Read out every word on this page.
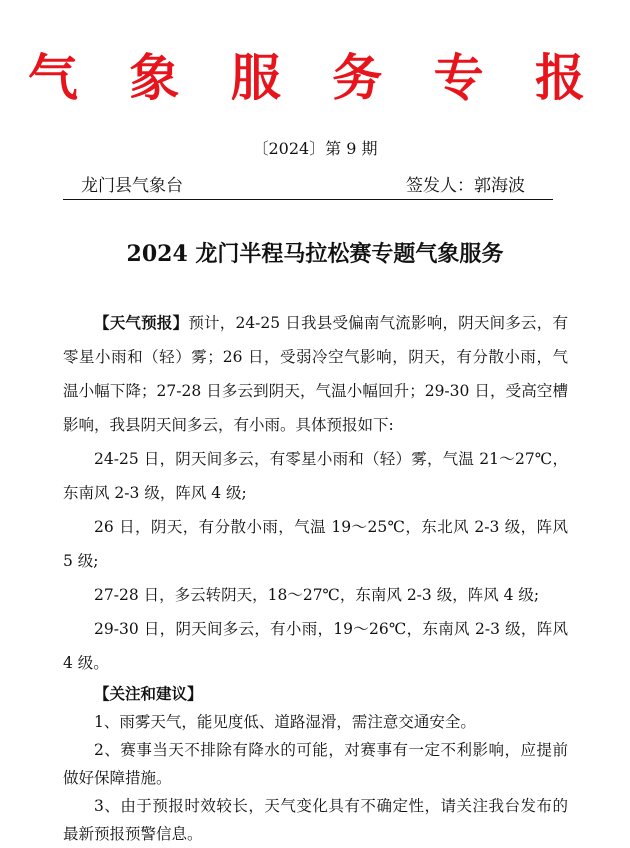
气 象 服 务 专 报
〔2024〕第 9 期
龙门县气象台	签发人：郭海波
2024 龙门半程马拉松赛专题气象服务

【天气预报】预计，24-25 日我县受偏南气流影响，阴天间多云，有零星小雨和（轻）雾；26 日，受弱冷空气影响，阴天，有分散小雨，气温小幅下降；27-28 日多云到阴天，气温小幅回升；29-30 日，受高空槽影响，我县阴天间多云，有小雨。具体预报如下:

24-25 日，阴天间多云，有零星小雨和（轻）雾，气温 21～27℃，东南风 2-3 级，阵风 4 级;

26 日，阴天，有分散小雨，气温 19～25℃，东北风 2-3 级，阵风 5 级;

27-28 日，多云转阴天，18～27℃，东南风 2-3 级，阵风 4 级;

29-30 日，阴天间多云，有小雨，19～26℃，东南风 2-3 级，阵风 4 级。

【关注和建议】

1、雨雾天气，能见度低、道路湿滑，需注意交通安全。

2、赛事当天不排除有降水的可能，对赛事有一定不利影响，应提前做好保障措施。

3、由于预报时效较长，天气变化具有不确定性，请关注我台发布的最新预报预警信息。
